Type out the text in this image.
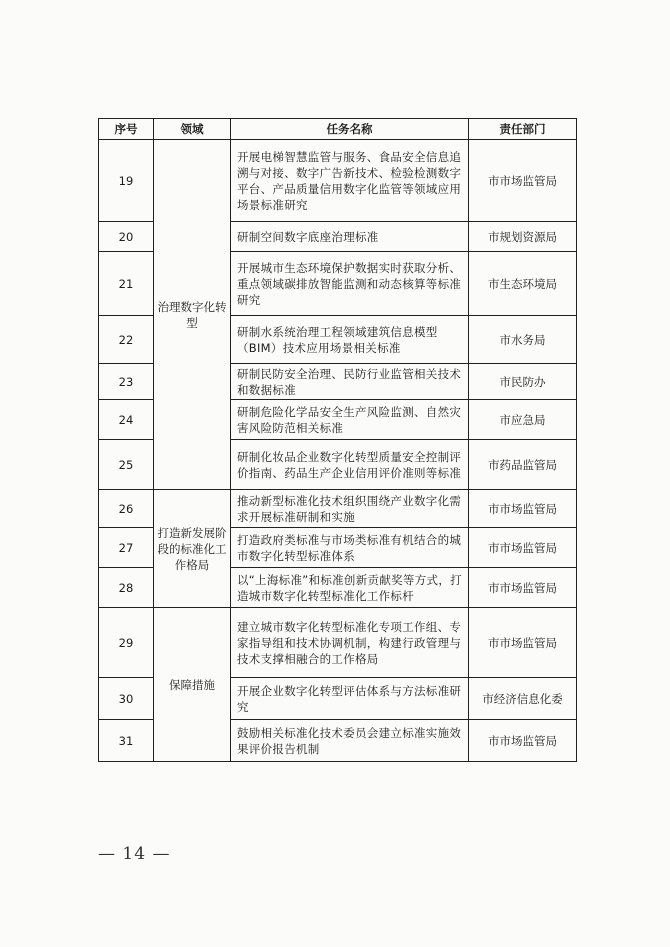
序号	领域	任务名称	责任部门
19	治理数字化转型	开展电梯智慧监管与服务、食品安全信息追溯与对接、数字广告新技术、检验检测数字平台、产品质量信用数字化监管等领域应用场景标准研究	市市场监管局
20		研制空间数字底座治理标准	市规划资源局
21		开展城市生态环境保护数据实时获取分析、重点领域碳排放智能监测和动态核算等标准研究	市生态环境局
22		研制水系统治理工程领域建筑信息模型（BIM）技术应用场景相关标准	市水务局
23		研制民防安全治理、民防行业监管相关技术和数据标准	市民防办
24		研制危险化学品安全生产风险监测、自然灾害风险防范相关标准	市应急局
25		研制化妆品企业数字化转型质量安全控制评价指南、药品生产企业信用评价准则等标准	市药品监管局
26	打造新发展阶段的标准化工作格局	推动新型标准化技术组织围绕产业数字化需求开展标准研制和实施	市市场监管局
27		打造政府类标准与市场类标准有机结合的城市数字化转型标准体系	市市场监管局
28		以“上海标准”和标准创新贡献奖等方式，打造城市数字化转型标准化工作标杆	市市场监管局
29	保障措施	建立城市数字化转型标准化专项工作组、专家指导组和技术协调机制，构建行政管理与技术支撑相融合的工作格局	市市场监管局
30		开展企业数字化转型评估体系与方法标准研究	市经济信息化委
31		鼓励相关标准化技术委员会建立标准实施效果评价报告机制	市市场监管局
— 14 —
